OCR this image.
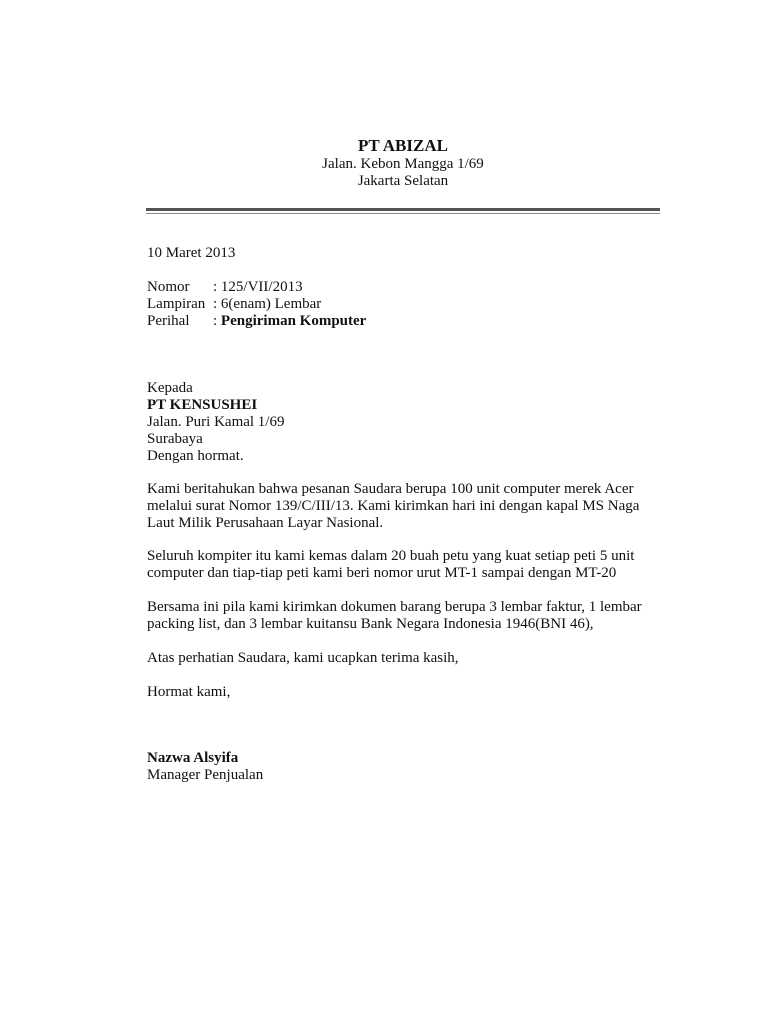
PT ABIZAL
Jalan. Kebon Mangga 1/69
Jakarta Selatan
10 Maret 2013
Nomor	: 125/VII/2013
Lampiran : 6(enam) Lembar
Perihal	: Pengiriman Komputer
Kepada
PT KENSUSHEI
Jalan. Puri Kamal 1/69
Surabaya
Dengan hormat.
Kami beritahukan bahwa pesanan Saudara berupa 100 unit computer merek Acer
melalui surat Nomor 139/C/III/13. Kami kirimkan hari ini dengan kapal MS Naga
Laut Milik Perusahaan Layar Nasional.
Seluruh kompiter itu kami kemas dalam 20 buah petu yang kuat setiap peti 5 unit
computer dan tiap-tiap peti kami beri nomor urut MT-1 sampai dengan MT-20
Bersama ini pila kami kirimkan dokumen barang berupa 3 lembar faktur, 1 lembar
packing list, dan 3 lembar kuitansu Bank Negara Indonesia 1946(BNI 46),
Atas perhatian Saudara, kami ucapkan terima kasih,
Hormat kami,
Nazwa Alsyifa
Manager Penjualan
